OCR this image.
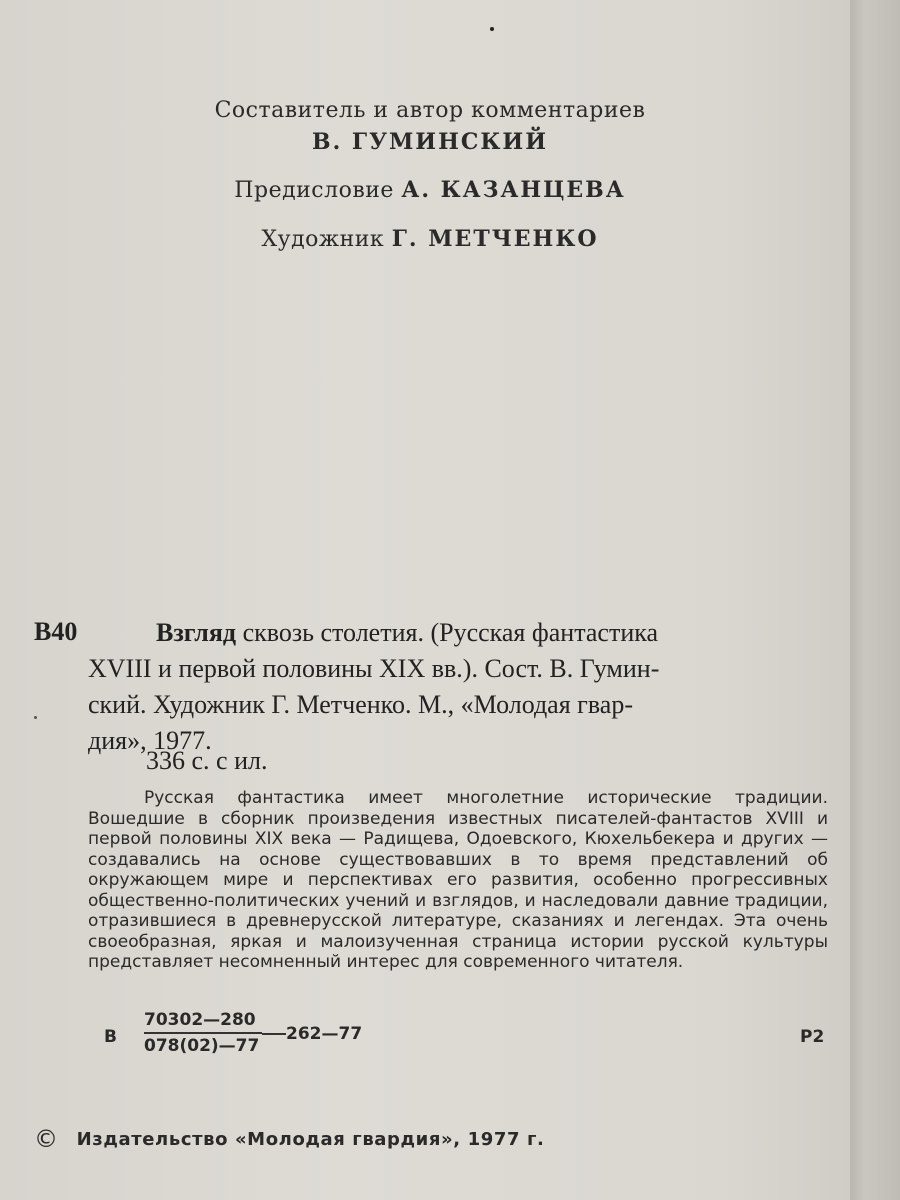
Составитель и автор комментариев
В. ГУМИНСКИЙ
Предисловие А. КАЗАНЦЕВА
Художник Г. МЕТЧЕНКО
В40	Взгляд сквозь столетия. (Русская фантастика
XVIII и первой половины XIX вв.). Сост. В. Гумин-
ский. Художник Г. Метченко. М., «Молодая гвар-
дия», 1977.
336 с. с ил.
Русская фантастика имеет многолетние исторические традиции. Вошедшие в сборник произведения известных писателей-фантастов XVIII и первой половины XIX века — Радищева, Одоевского, Кюхельбекера и других — создавались на основе существовавших в то время представлений об окружающем мире и перспективах его развития, особенно прогрессивных общественно-политических учений и взглядов, и наследовали давние традиции, отразившиеся в древнерусской литературе, сказаниях и легендах. Эта очень своеобразная, яркая и малоизученная страница истории русской культуры представляет несомненный интерес для современного читателя.
В $\frac{70302—280}{078(02)—77}$ 262—77	Р2
© Издательство «Молодая гвардия», 1977 г.
